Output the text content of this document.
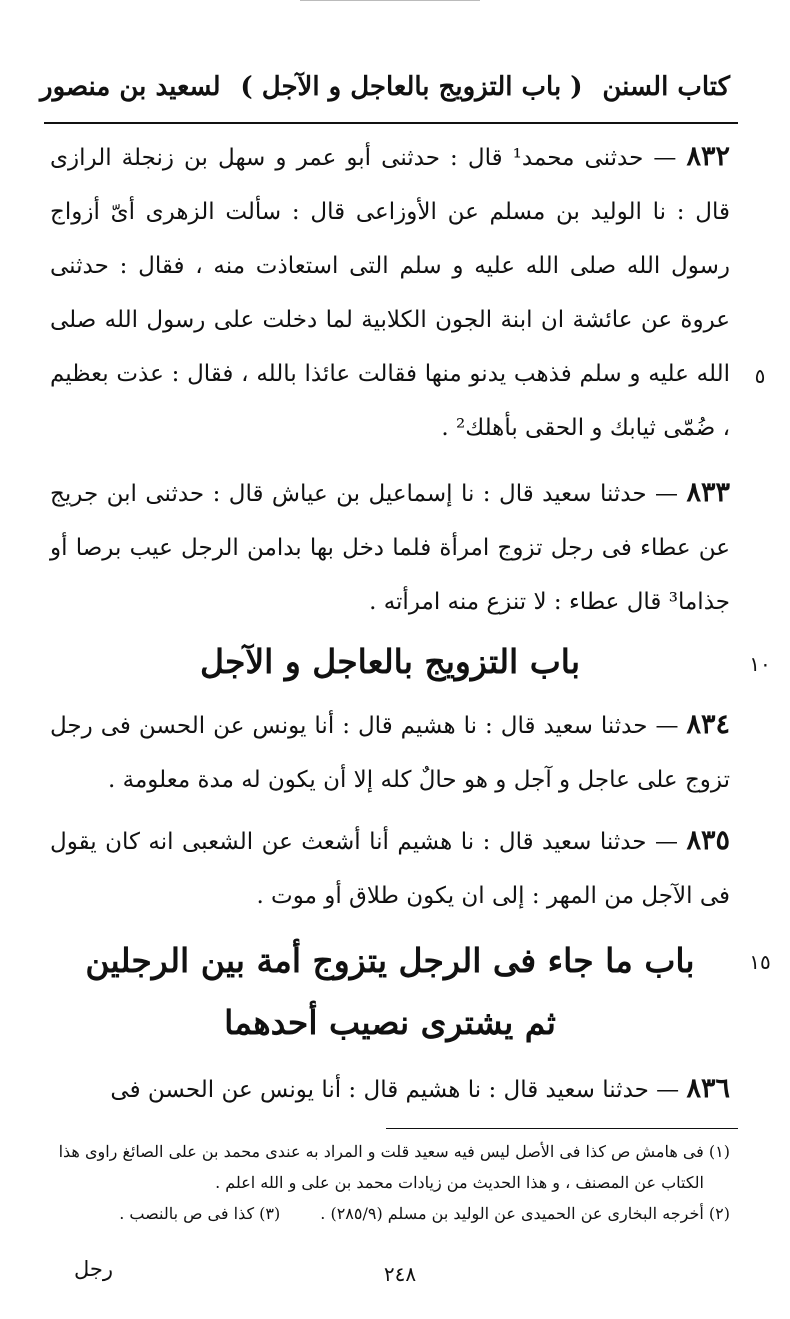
كتاب السنن
( باب التزويج بالعاجل و الآجل )
لسعيد بن منصور
٨٣٢ — حدثنى محمد¹ قال : حدثنى أبو عمر و سهل بن زنجلة الرازى قال : نا الوليد بن مسلم عن الأوزاعى قال : سألت الزهرى أىّ أزواج رسول الله صلى الله عليه و سلم التى استعاذت منه ، فقال : حدثنى عروة عن عائشة ان ابنة الجون الكلابية لما دخلت على رسول الله صلى الله عليه و سلم فذهب يدنو منها فقالت عائذا بالله ، فقال : عذت بعظيم ، ضُمّى ثيابك و الحقى بأهلك² .
٥
٨٣٣ — حدثنا سعيد قال : نا إسماعيل بن عياش قال : حدثنى ابن جريج عن عطاء فى رجل تزوج امرأة فلما دخل بها بدامن الرجل عيب برصا أو جذاما³ قال عطاء : لا تنزع منه امرأته .
باب التزويج بالعاجل و الآجل	١٠
٨٣٤ — حدثنا سعيد قال : نا هشيم قال : أنا يونس عن الحسن فى رجل تزوج على عاجل و آجل و هو حالٌ كله إلا أن يكون له مدة معلومة .
٨٣٥ — حدثنا سعيد قال : نا هشيم أنا أشعث عن الشعبى انه كان يقول فى الآجل من المهر : إلى ان يكون طلاق أو موت .
باب ما جاء فى الرجل يتزوج أمة بين الرجلين
ثم يشترى نصيب أحدهما
١٥
٨٣٦ — حدثنا سعيد قال : نا هشيم قال : أنا يونس عن الحسن فى
(١) فى هامش ص كذا فى الأصل ليس فيه سعيد قلت و المراد به عندى محمد بن على الصائغ راوى هذا
الكتاب عن المصنف ، و هذا الحديث من زيادات محمد بن على و الله اعلم .
(٢) أخرجه البخارى عن الحميدى عن الوليد بن مسلم (٢٨٥/٩) .(٣) كذا فى ص بالنصب .
٢٤٨
رجل
